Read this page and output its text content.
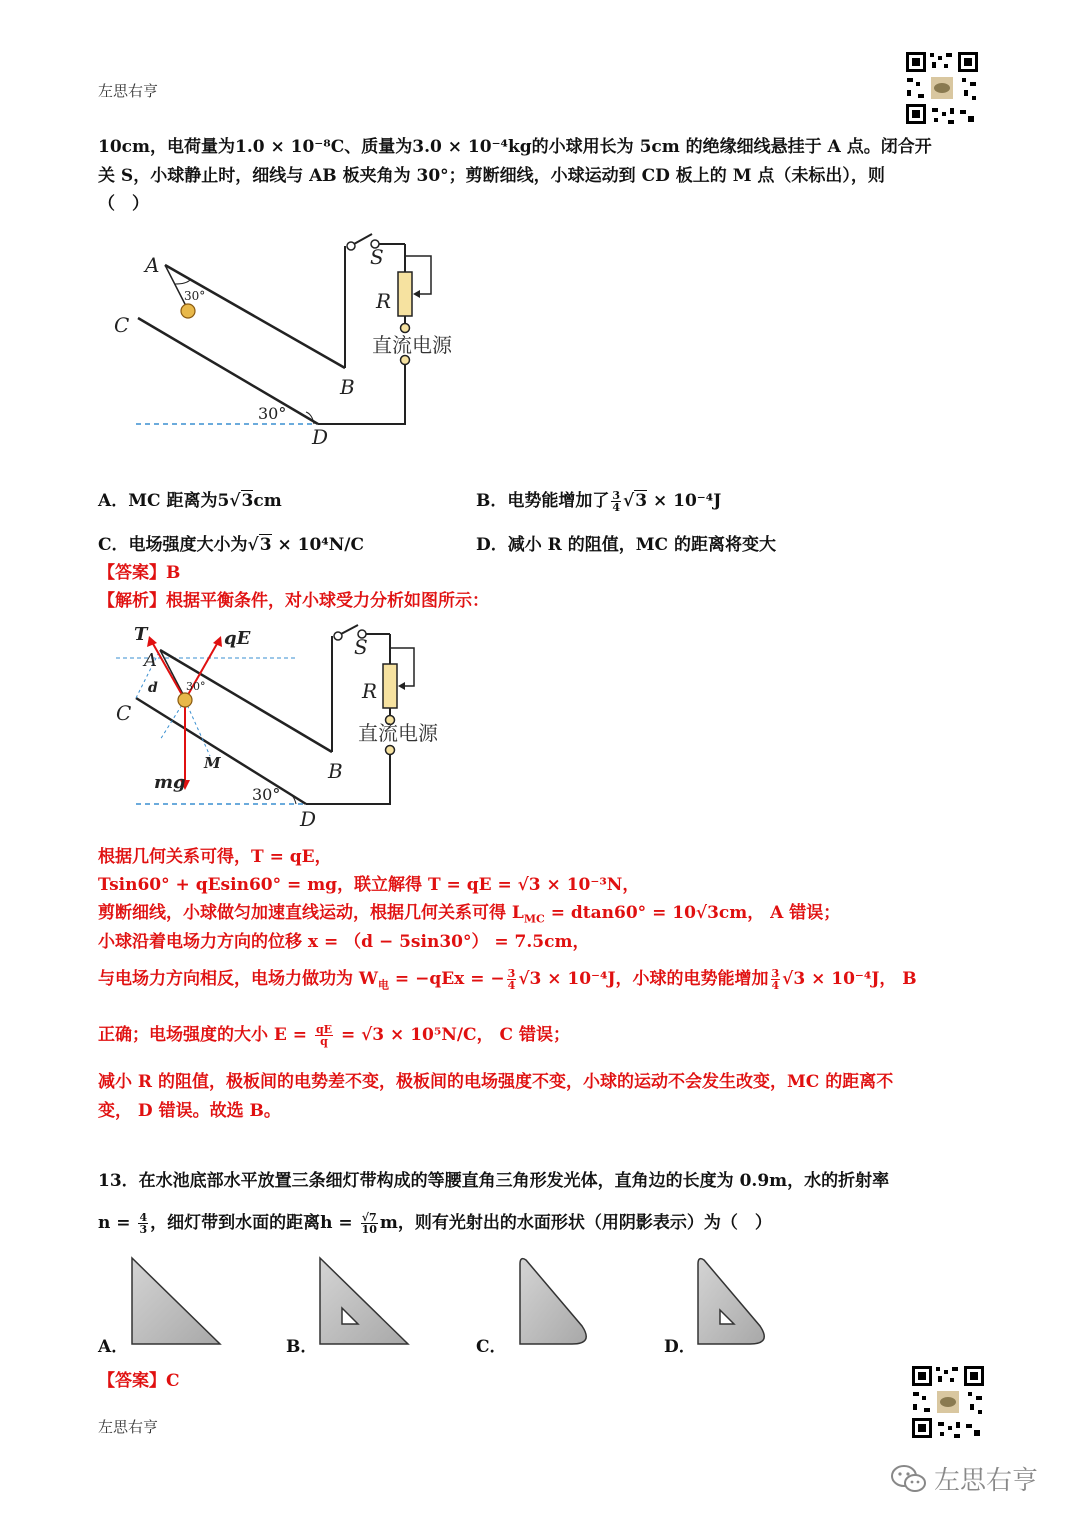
左思右亨
10cm，电荷量为1.0 × 10⁻⁸C、质量为3.0 × 10⁻⁴kg的小球用长为 5cm 的绝缘细线悬挂于 A 点。闭合开
关 S，小球静止时，细线与 AB 板夹角为 30°；剪断细线，小球运动到 CD 板上的 M 点（未标出），则
（　）
A
30°
C
B
30°
D
S
R
直流电源
A．MC 距离为5√3cm	B．电势能增加了 $\frac{3}{4} √3 \times 10^{-4}J$
C．电场强度大小为√3 × 10⁴N/C	D．减小 R 的阻值，MC 的距离将变大
【答案】B
【解析】根据平衡条件，对小球受力分析如图所示：
T	qE
A
d	30°
C
M
mg	B
30°
D
S
R
直流电源
根据几何关系可得，T = qE，
Tsin60° + qEsin60° = mg，联立解得 T = qE = √3 × 10⁻³N，
剪断细线，小球做匀加速直线运动，根据几何关系可得 $L_{MC} = dtan60^\circ = 10√3cm$， A 错误；
小球沿着电场力方向的位移 x = （d − 5sin30°） = 7.5cm，
与电场力方向相反，电场力做功为 $W_电 = -qEx$ = − $\frac{3}{4} √3 \times 10^{-4}J$，小球的电势能增加 $\frac{3}{4} √3 \times 10^{-4}J$， B
正确；电场强度的大小 $E = \frac{qE}{q} = √3 \times 10^5N/C$， C 错误；
减小 R 的阻值，极板间的电势差不变，极板间的电场强度不变，小球的运动不会发生改变，MC 的距离不
变， D 错误。故选 B。
13．在水池底部水平放置三条细灯带构成的等腰直角三角形发光体，直角边的长度为 0.9m，水的折射率
$n = \frac{4}{3}$ ，细灯带到水面的距离$h = \frac{√7}{10}$ m，则有光射出的水面形状（用阴影表示）为（　）
A．	B．	C．	D．
【答案】C
左思右亨
左思右亨
